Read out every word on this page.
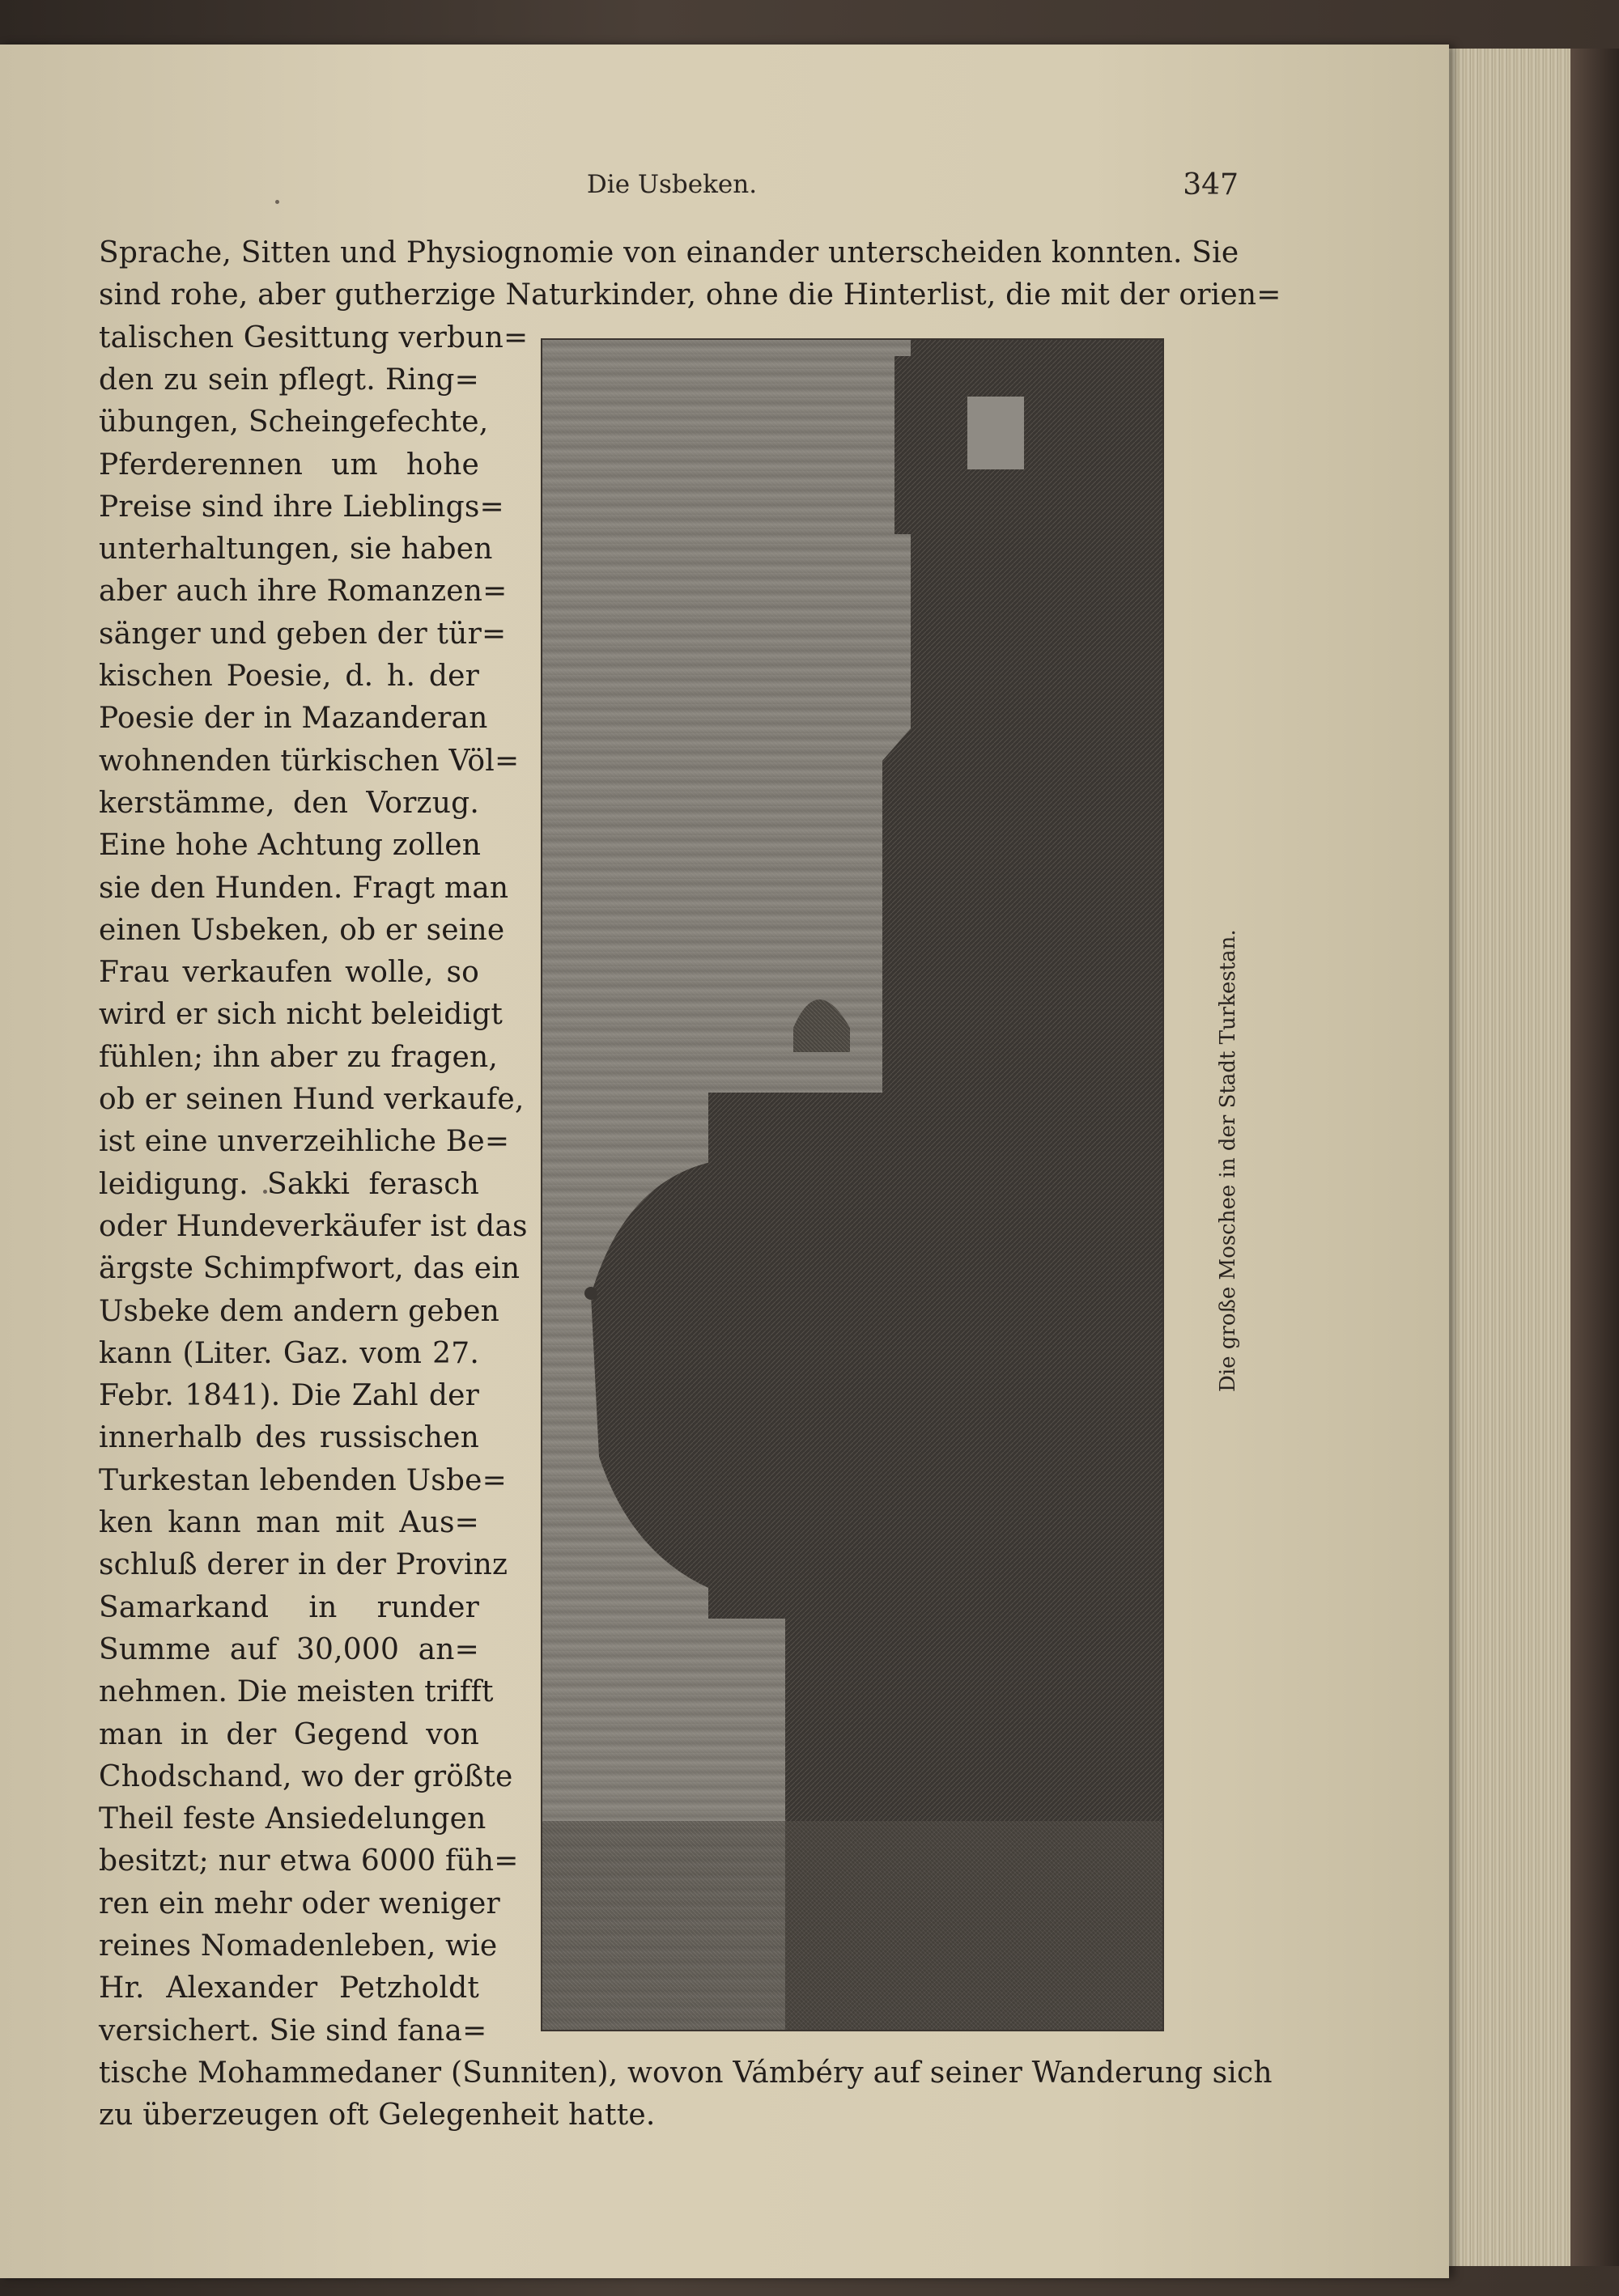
Die Usbeken.	347
Sprache, Sitten und Physiognomie von einander unterscheiden konnten. Sie
sind rohe, aber gutherzige Naturkinder, ohne die Hinterlist, die mit der orien=
talischen Gesittung verbun=
den zu sein pflegt. Ring=
übungen, Scheingefechte,
Pferderennen um hohe
Preise sind ihre Lieblings=
unterhaltungen, sie haben
aber auch ihre Romanzen=
sänger und geben der tür=
kischen Poesie, d. h. der
Poesie der in Mazanderan
wohnenden türkischen Völ=
kerstämme, den Vorzug.
Eine hohe Achtung zollen
sie den Hunden. Fragt man
einen Usbeken, ob er seine
Frau verkaufen wolle, so
wird er sich nicht beleidigt
fühlen; ihn aber zu fragen,
ob er seinen Hund verkaufe,
ist eine unverzeihliche Be=
leidigung. Sakki ferasch
oder Hundeverkäufer ist das
ärgste Schimpfwort, das ein
Usbeke dem andern geben
kann (Liter. Gaz. vom 27.
Febr. 1841). Die Zahl der
innerhalb des russischen
Turkestan lebenden Usbe=
ken kann man mit Aus=
schluß derer in der Provinz
Samarkand in runder
Summe auf 30,000 an=
nehmen. Die meisten trifft
man in der Gegend von
Chodschand, wo der größte
Theil feste Ansiedelungen
besitzt; nur etwa 6000 füh=
ren ein mehr oder weniger
reines Nomadenleben, wie
Hr. Alexander Petzholdt
versichert. Sie sind fana=
tische Mohammedaner (Sunniten), wovon Vámbéry auf seiner Wanderung sich
zu überzeugen oft Gelegenheit hatte.
Die große Moschee in der Stadt Turkestan.
